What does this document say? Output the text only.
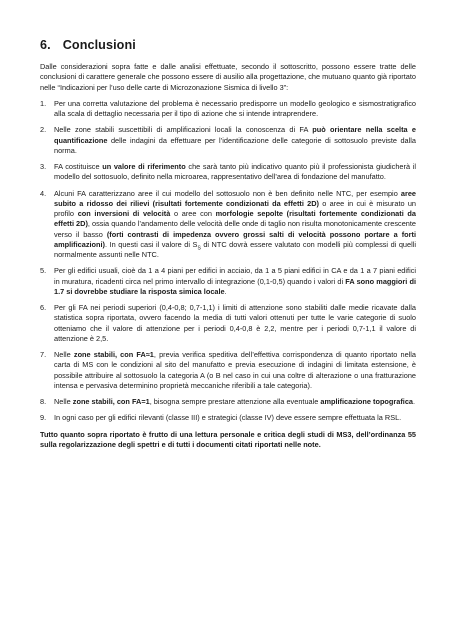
6. Conclusioni

Dalle considerazioni sopra fatte e dalle analisi effettuate, secondo il sottoscritto, possono essere tratte delle conclusioni di carattere generale che possono essere di ausilio alla progettazione, che mutuano quanto già riportato nelle “Indicazioni per l’uso delle carte di Microzonazione Sismica di livello 3”:

1.	Per una corretta valutazione del problema è necessario predisporre un modello geologico e sismostratigrafico alla scala di dettaglio necessaria per il tipo di azione che si intende intraprendere.
2.	Nelle zone stabili suscettibili di amplificazioni locali la conoscenza di FA può orientare nella scelta e quantificazione delle indagini da effettuare per l’identificazione delle categorie di sottosuolo previste dalla norma.
3.	FA costituisce un valore di riferimento che sarà tanto più indicativo quanto più il professionista giudicherà il modello del sottosuolo, definito nella microarea, rappresentativo dell’area di fondazione del manufatto.
4.	Alcuni FA caratterizzano aree il cui modello del sottosuolo non è ben definito nelle NTC, per esempio aree subito a ridosso dei rilievi (risultati fortemente condizionati da effetti 2D) o aree in cui è misurato un profilo con inversioni di velocità o aree con morfologie sepolte (risultati fortemente condizionati da effetti 2D), ossia quando l’andamento delle velocità delle onde di taglio non risulta monotonicamente crescente verso il basso (forti contrasti di impedenza ovvero grossi salti di velocità possono portare a forti amplificazioni). In questi casi il valore di $S_S$ di NTC dovrà essere valutato con modelli più complessi di quelli normalmente assunti nelle NTC.
5.	Per gli edifici usuali, cioè da 1 a 4 piani per edifici in acciaio, da 1 a 5 piani edifici in CA e da 1 a 7 piani edifici in muratura, ricadenti circa nel primo intervallo di integrazione (0,1-0,5) quando i valori di FA sono maggiori di 1.7 si dovrebbe studiare la risposta simica locale.
6.	Per gli FA nei periodi superiori (0,4-0,8; 0,7-1,1) i limiti di attenzione sono stabiliti dalle medie ricavate dalla statistica sopra riportata, ovvero facendo la media di tutti valori ottenuti per tutte le varie categorie di suolo otteniamo che il valore di attenzione per i periodi 0,4-0,8 è 2,2, mentre per i periodi 0,7-1,1 il valore di attenzione è 2,5.
7.	Nelle zone stabili, con FA≈1, previa verifica speditiva dell’effettiva corrispondenza di quanto riportato nella carta di MS con le condizioni al sito del manufatto e previa esecuzione di indagini di limitata estensione, è possibile attribuire al sottosuolo la categoria A (o B nel caso in cui una coltre di alterazione o una fratturazione intensa e pervasiva determinino proprietà meccaniche riferibili a tale categoria).
8.	Nelle zone stabili, con FA=1, bisogna sempre prestare attenzione alla eventuale amplificazione topografica.
9.	In ogni caso per gli edifici rilevanti (classe III) e strategici (classe IV) deve essere sempre effettuata la RSL.

Tutto quanto sopra riportato è frutto di una lettura personale e critica degli studi di MS3, dell’ordinanza 55 sulla regolarizzazione degli spettri e di tutti i documenti citati riportati nelle note.
